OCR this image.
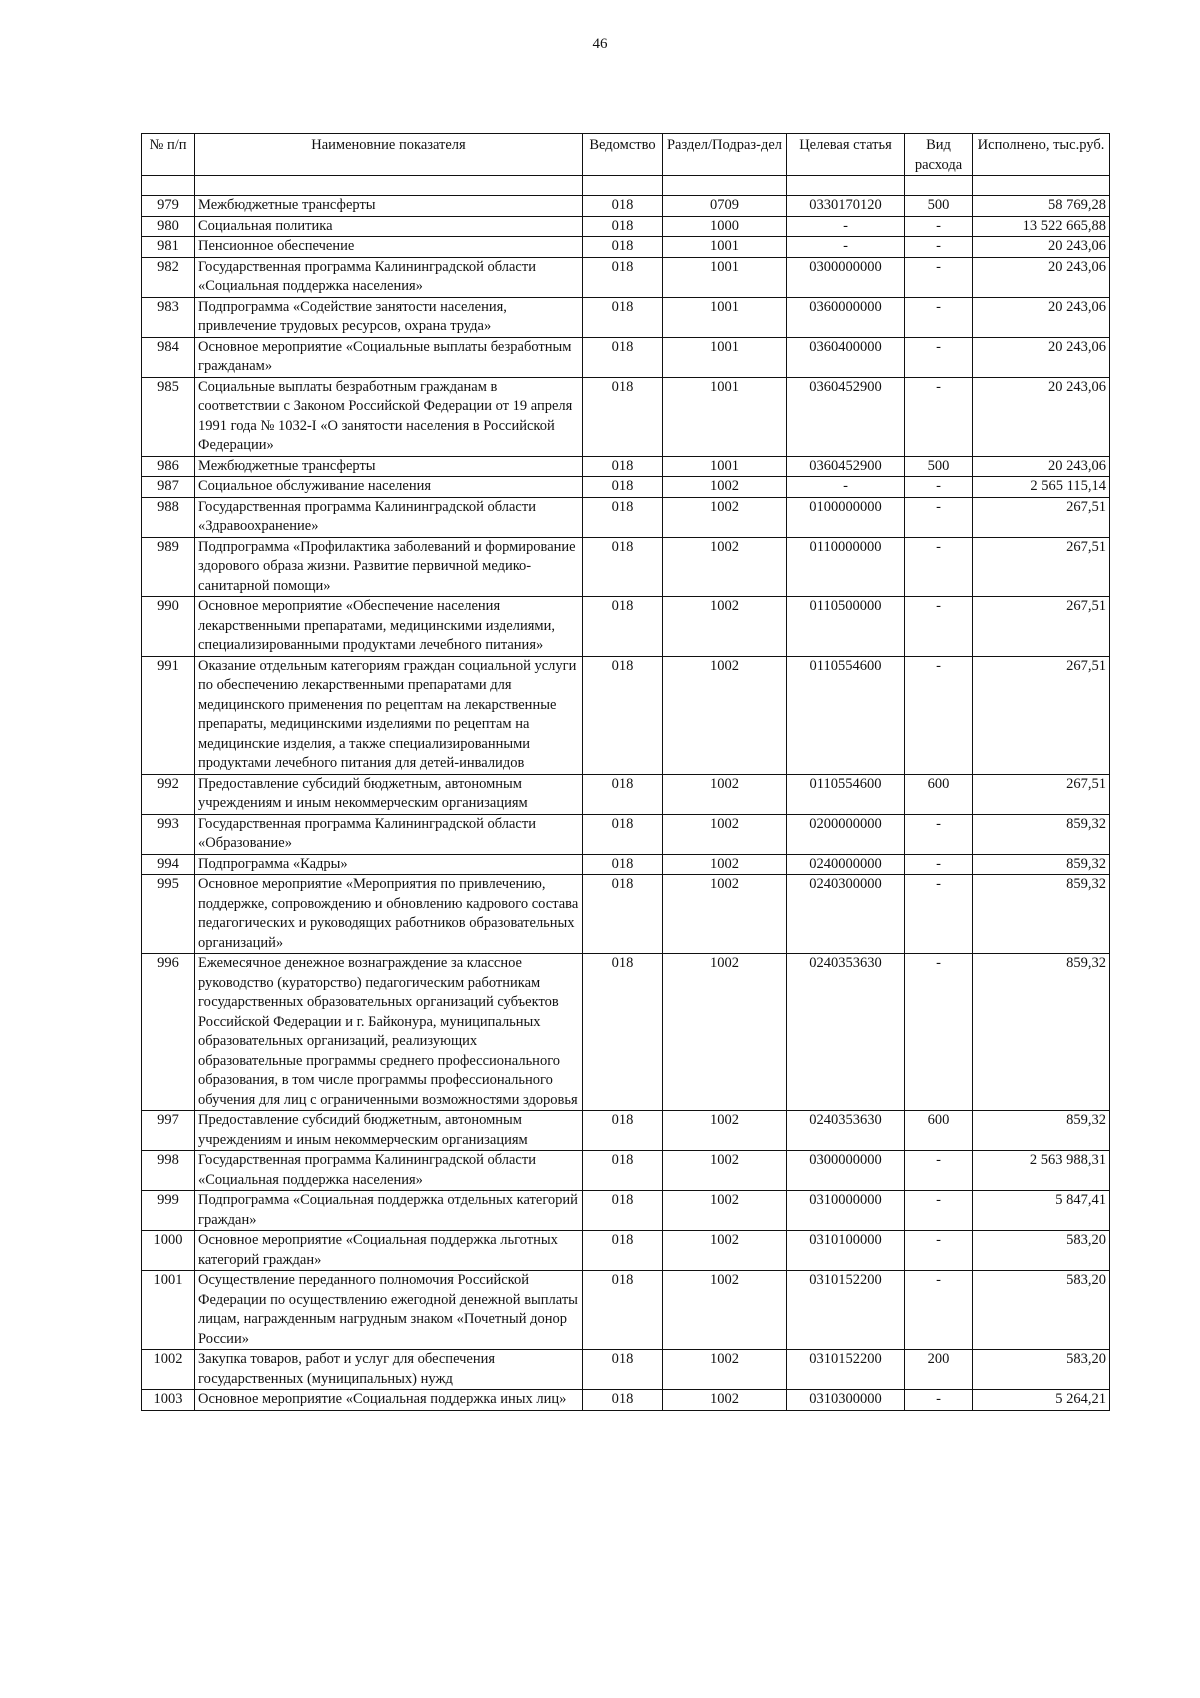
46
№ п/п	Наименовние показателя	Ведомство	Раздел/Подраз-дел	Целевая статья	Вид расхода	Исполнено, тыс.руб.

979	Межбюджетные трансферты	018	0709	0330170120	500	58 769,28
980	Социальная политика	018	1000	-	-	13 522 665,88
981	Пенсионное обеспечение	018	1001	-	-	20 243,06
982	Государственная программа Калининградской области «Социальная поддержка населения»	018	1001	0300000000	-	20 243,06
983	Подпрограмма «Содействие занятости населения, привлечение трудовых ресурсов, охрана труда»	018	1001	0360000000	-	20 243,06
984	Основное мероприятие «Социальные выплаты безработным гражданам»	018	1001	0360400000	-	20 243,06
985	Социальные выплаты безработным гражданам в соответствии с Законом Российской Федерации от 19 апреля 1991 года № 1032-I «О занятости населения в Российской Федерации»	018	1001	0360452900	-	20 243,06
986	Межбюджетные трансферты	018	1001	0360452900	500	20 243,06
987	Социальное обслуживание населения	018	1002	-	-	2 565 115,14
988	Государственная программа Калининградской области «Здравоохранение»	018	1002	0100000000	-	267,51
989	Подпрограмма «Профилактика заболеваний и формирование здорового образа жизни. Развитие первичной медико-санитарной помощи»	018	1002	0110000000	-	267,51
990	Основное мероприятие «Обеспечение населения лекарственными препаратами, медицинскими изделиями, специализированными продуктами лечебного питания»	018	1002	0110500000	-	267,51
991	Оказание отдельным категориям граждан социальной услуги по обеспечению лекарственными препаратами для медицинского применения по рецептам на лекарственные препараты, медицинскими изделиями по рецептам на медицинские изделия, а также специализированными продуктами лечебного питания для детей-инвалидов	018	1002	0110554600	-	267,51
992	Предоставление субсидий бюджетным, автономным учреждениям и иным некоммерческим организациям	018	1002	0110554600	600	267,51
993	Государственная программа Калининградской области «Образование»	018	1002	0200000000	-	859,32
994	Подпрограмма «Кадры»	018	1002	0240000000	-	859,32
995	Основное мероприятие «Мероприятия по привлечению, поддержке, сопровождению и обновлению кадрового состава педагогических и руководящих работников образовательных организаций»	018	1002	0240300000	-	859,32
996	Ежемесячное денежное вознаграждение за классное руководство (кураторство) педагогическим работникам государственных образовательных организаций субъектов Российской Федерации и г. Байконура, муниципальных образовательных организаций, реализующих образовательные программы среднего профессионального образования, в том числе программы профессионального обучения для лиц с ограниченными возможностями здоровья	018	1002	0240353630	-	859,32
997	Предоставление субсидий бюджетным, автономным учреждениям и иным некоммерческим организациям	018	1002	0240353630	600	859,32
998	Государственная программа Калининградской области «Социальная поддержка населения»	018	1002	0300000000	-	2 563 988,31
999	Подпрограмма «Социальная поддержка отдельных категорий граждан»	018	1002	0310000000	-	5 847,41
1000	Основное мероприятие «Социальная поддержка льготных категорий граждан»	018	1002	0310100000	-	583,20
1001	Осуществление переданного полномочия Российской Федерации по осуществлению ежегодной денежной выплаты лицам, награжденным нагрудным знаком «Почетный донор России»	018	1002	0310152200	-	583,20
1002	Закупка товаров, работ и услуг для обеспечения государственных (муниципальных) нужд	018	1002	0310152200	200	583,20
1003	Основное мероприятие «Социальная поддержка иных лиц»	018	1002	0310300000	-	5 264,21
